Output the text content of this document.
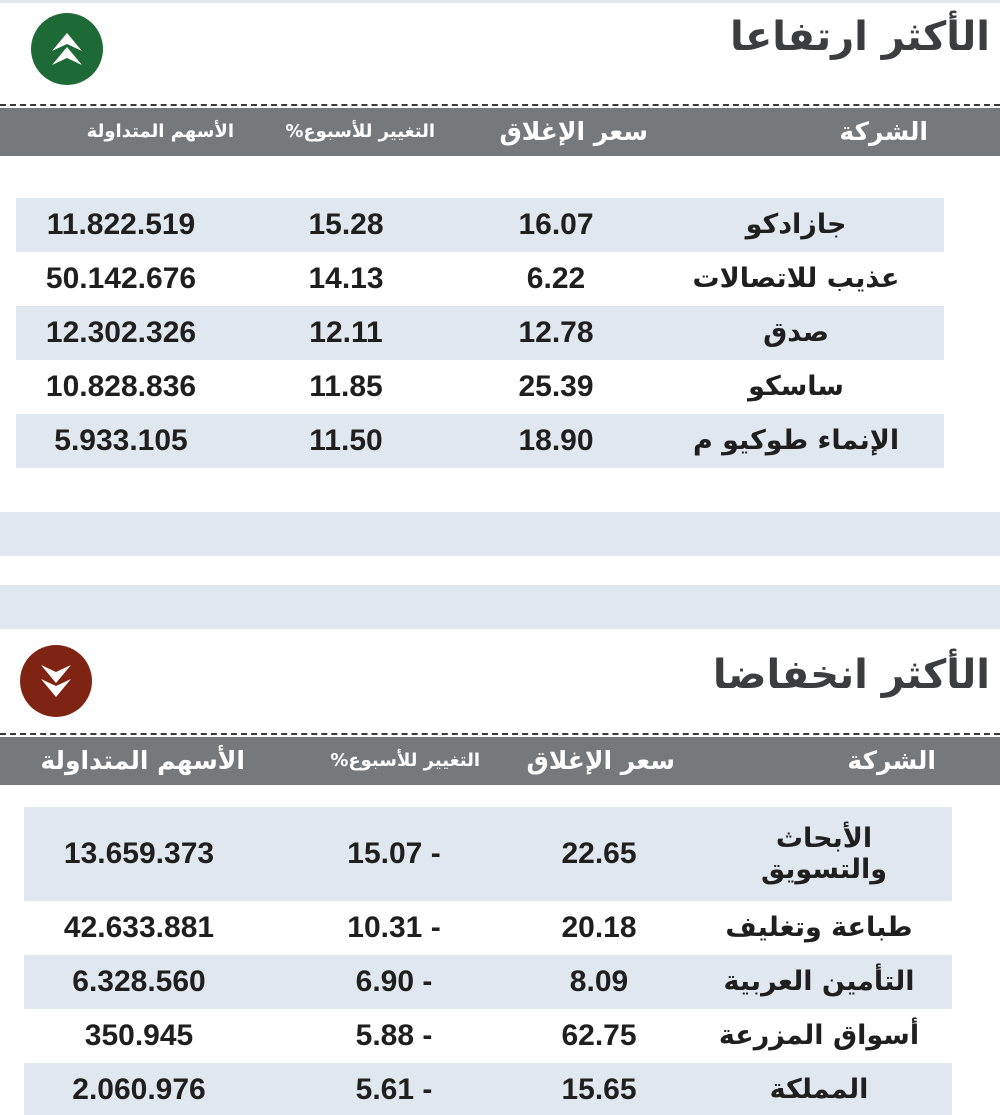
الأكثر ارتفاعا
الشركة
سعر الإغلاق
التغيير للأسبوع%
الأسهم المتداولة
جازادكو
16.07
15.28
11.822.519
عذيب للاتصالات
6.22
14.13
50.142.676
صدق
12.78
12.11
12.302.326
ساسكو
25.39
11.85
10.828.836
الإنماء طوكيو م
18.90
11.50
5.933.105
الأكثر انخفاضا
الشركة
سعر الإغلاق
التغيير للأسبوع%
الأسهم المتداولة
الأبحاث والتسويق
22.65
15.07 -
13.659.373
طباعة وتغليف
20.18
10.31 -
42.633.881
التأمين العربية
8.09
6.90 -
6.328.560
أسواق المزرعة
62.75
5.88 -
350.945
المملكة
15.65
5.61 -
2.060.976
